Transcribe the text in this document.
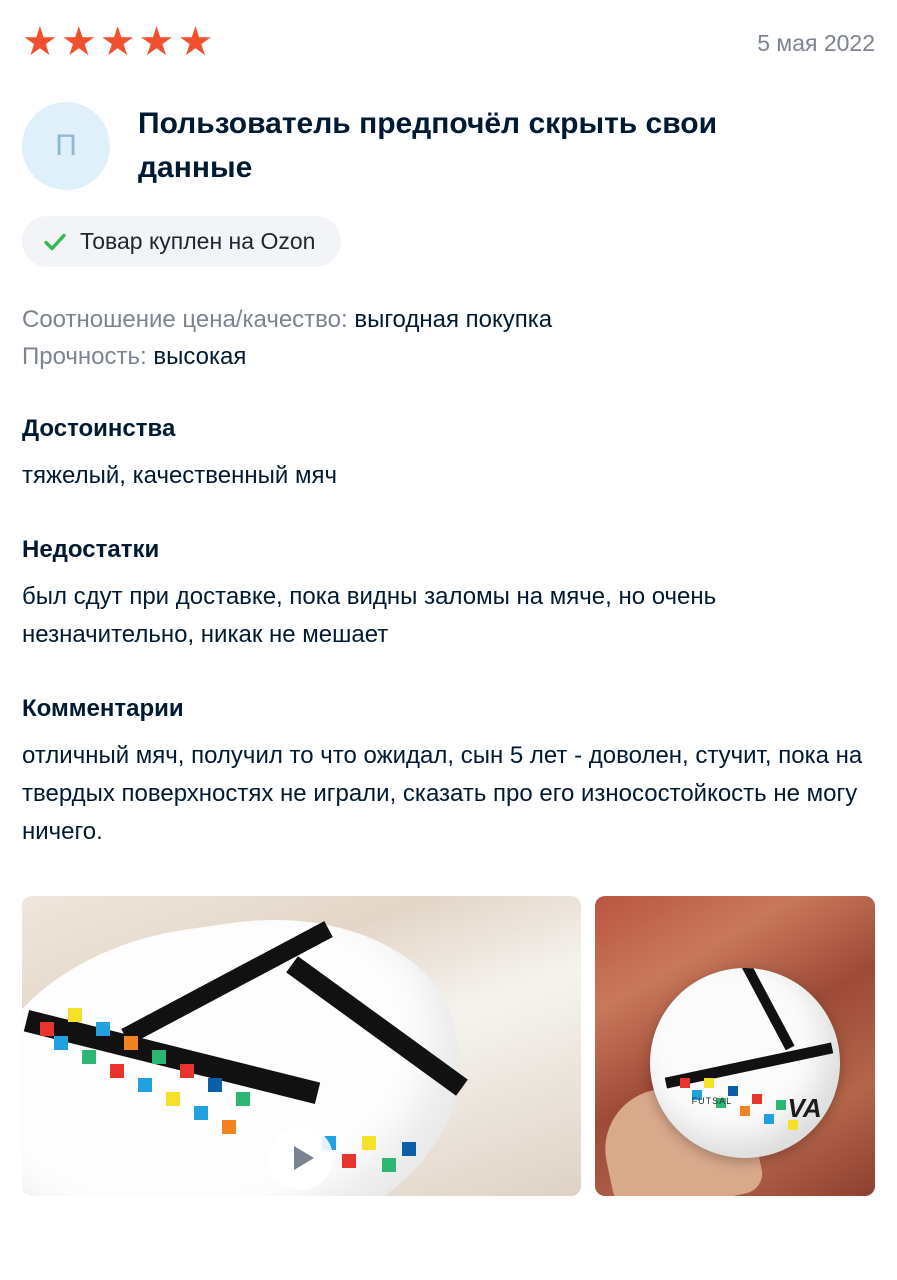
★ ★ ★ ★ ★	5 мая 2022
П
Пользователь предпочёл скрыть свои данные
Товар куплен на Ozon
Соотношение цена/качество: выгодная покупка
Прочность: высокая
Достоинства
тяжелый, качественный мяч
Недостатки
был сдут при доставке, пока видны заломы на мяче, но очень незначительно, никак не мешает
Комментарии
отличный мяч, получил то что ожидал, сын 5 лет - доволен, стучит, пока на твердых поверхностях не играли, сказать про его износостойкость не могу ничего.
FUTSAL VA
